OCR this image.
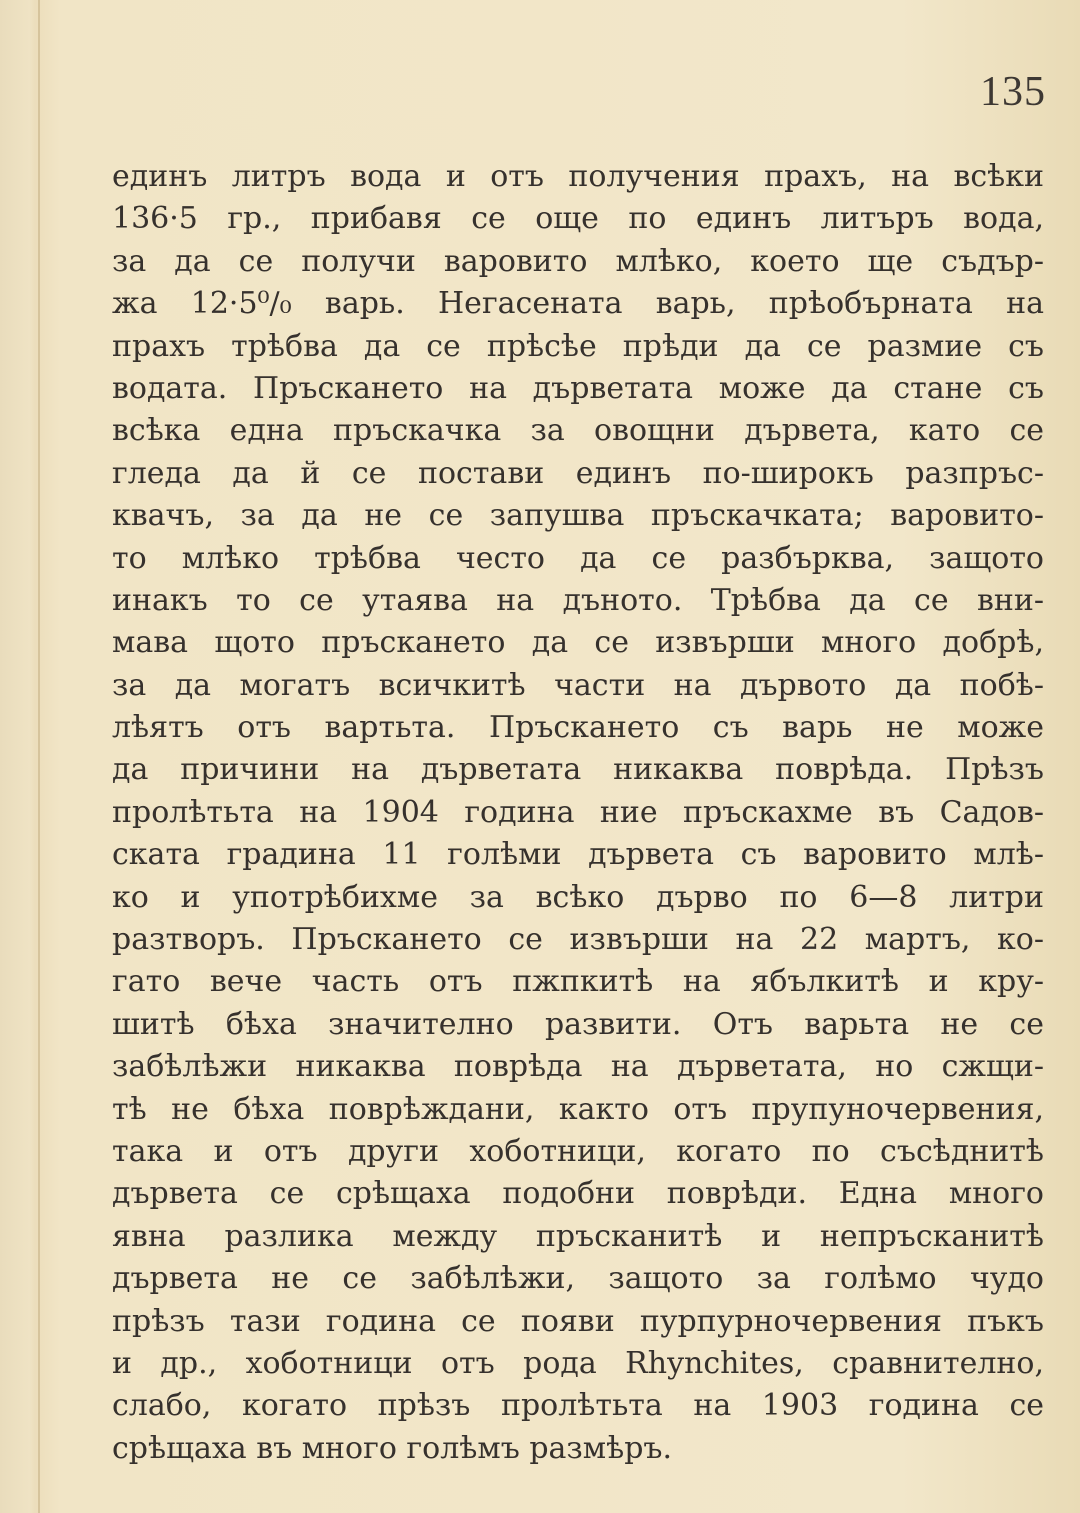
135
единъ литръ вода и отъ получения прахъ, на всѣки
136·5 гр., прибавя се още по единъ литъръ вода,
за да се получи варовито млѣко, което ще съдър-
жа 12·5⁰/₀ варь. Негасената варь, прѣобърната на
прахъ трѣбва да се прѣсѣе прѣди да се размие съ
водата. Пръскането на дърветата може да стане съ
всѣка една пръскачка за овощни дървета, като се
гледа да й се постави единъ по-широкъ разпръс-
квачъ, за да не се запушва пръскачката; варовито-
то млѣко трѣбва често да се разбърква, защото
инакъ то се утаява на дъното. Трѣбва да се вни-
мава щото пръскането да се извърши много добрѣ,
за да могатъ всичкитѣ части на дървото да побѣ-
лѣятъ отъ вартьта. Пръскането съ варь не може
да причини на дърветата никаква поврѣда. Прѣзъ
пролѣтьта на 1904 година ние пръскахме въ Садов-
ската градина 11 голѣми дървета съ варовито млѣ-
ко и употрѣбихме за всѣко дърво по 6—8 литри
разтворъ. Пръскането се извърши на 22 мартъ, ко-
гато вече часть отъ пжпкитѣ на ябълкитѣ и кру-
шитѣ бѣха значително развити. Отъ варьта не се
забѣлѣжи никаква поврѣда на дърветата, но сжщи-
тѣ не бѣха поврѣждани, както отъ прупуночервения,
така и отъ други хоботници, когато по съсѣднитѣ
дървета се срѣщаха подобни поврѣди. Една много
явна разлика между пръсканитѣ и непръсканитѣ
дървета не се забѣлѣжи, защото за голѣмо чудо
прѣзъ тази година се появи пурпурночервения пъкъ
и др., хоботници отъ рода Rhynchites, сравнително,
слабо, когато прѣзъ пролѣтьта на 1903 година се
срѣщаха въ много голѣмъ размѣръ.
